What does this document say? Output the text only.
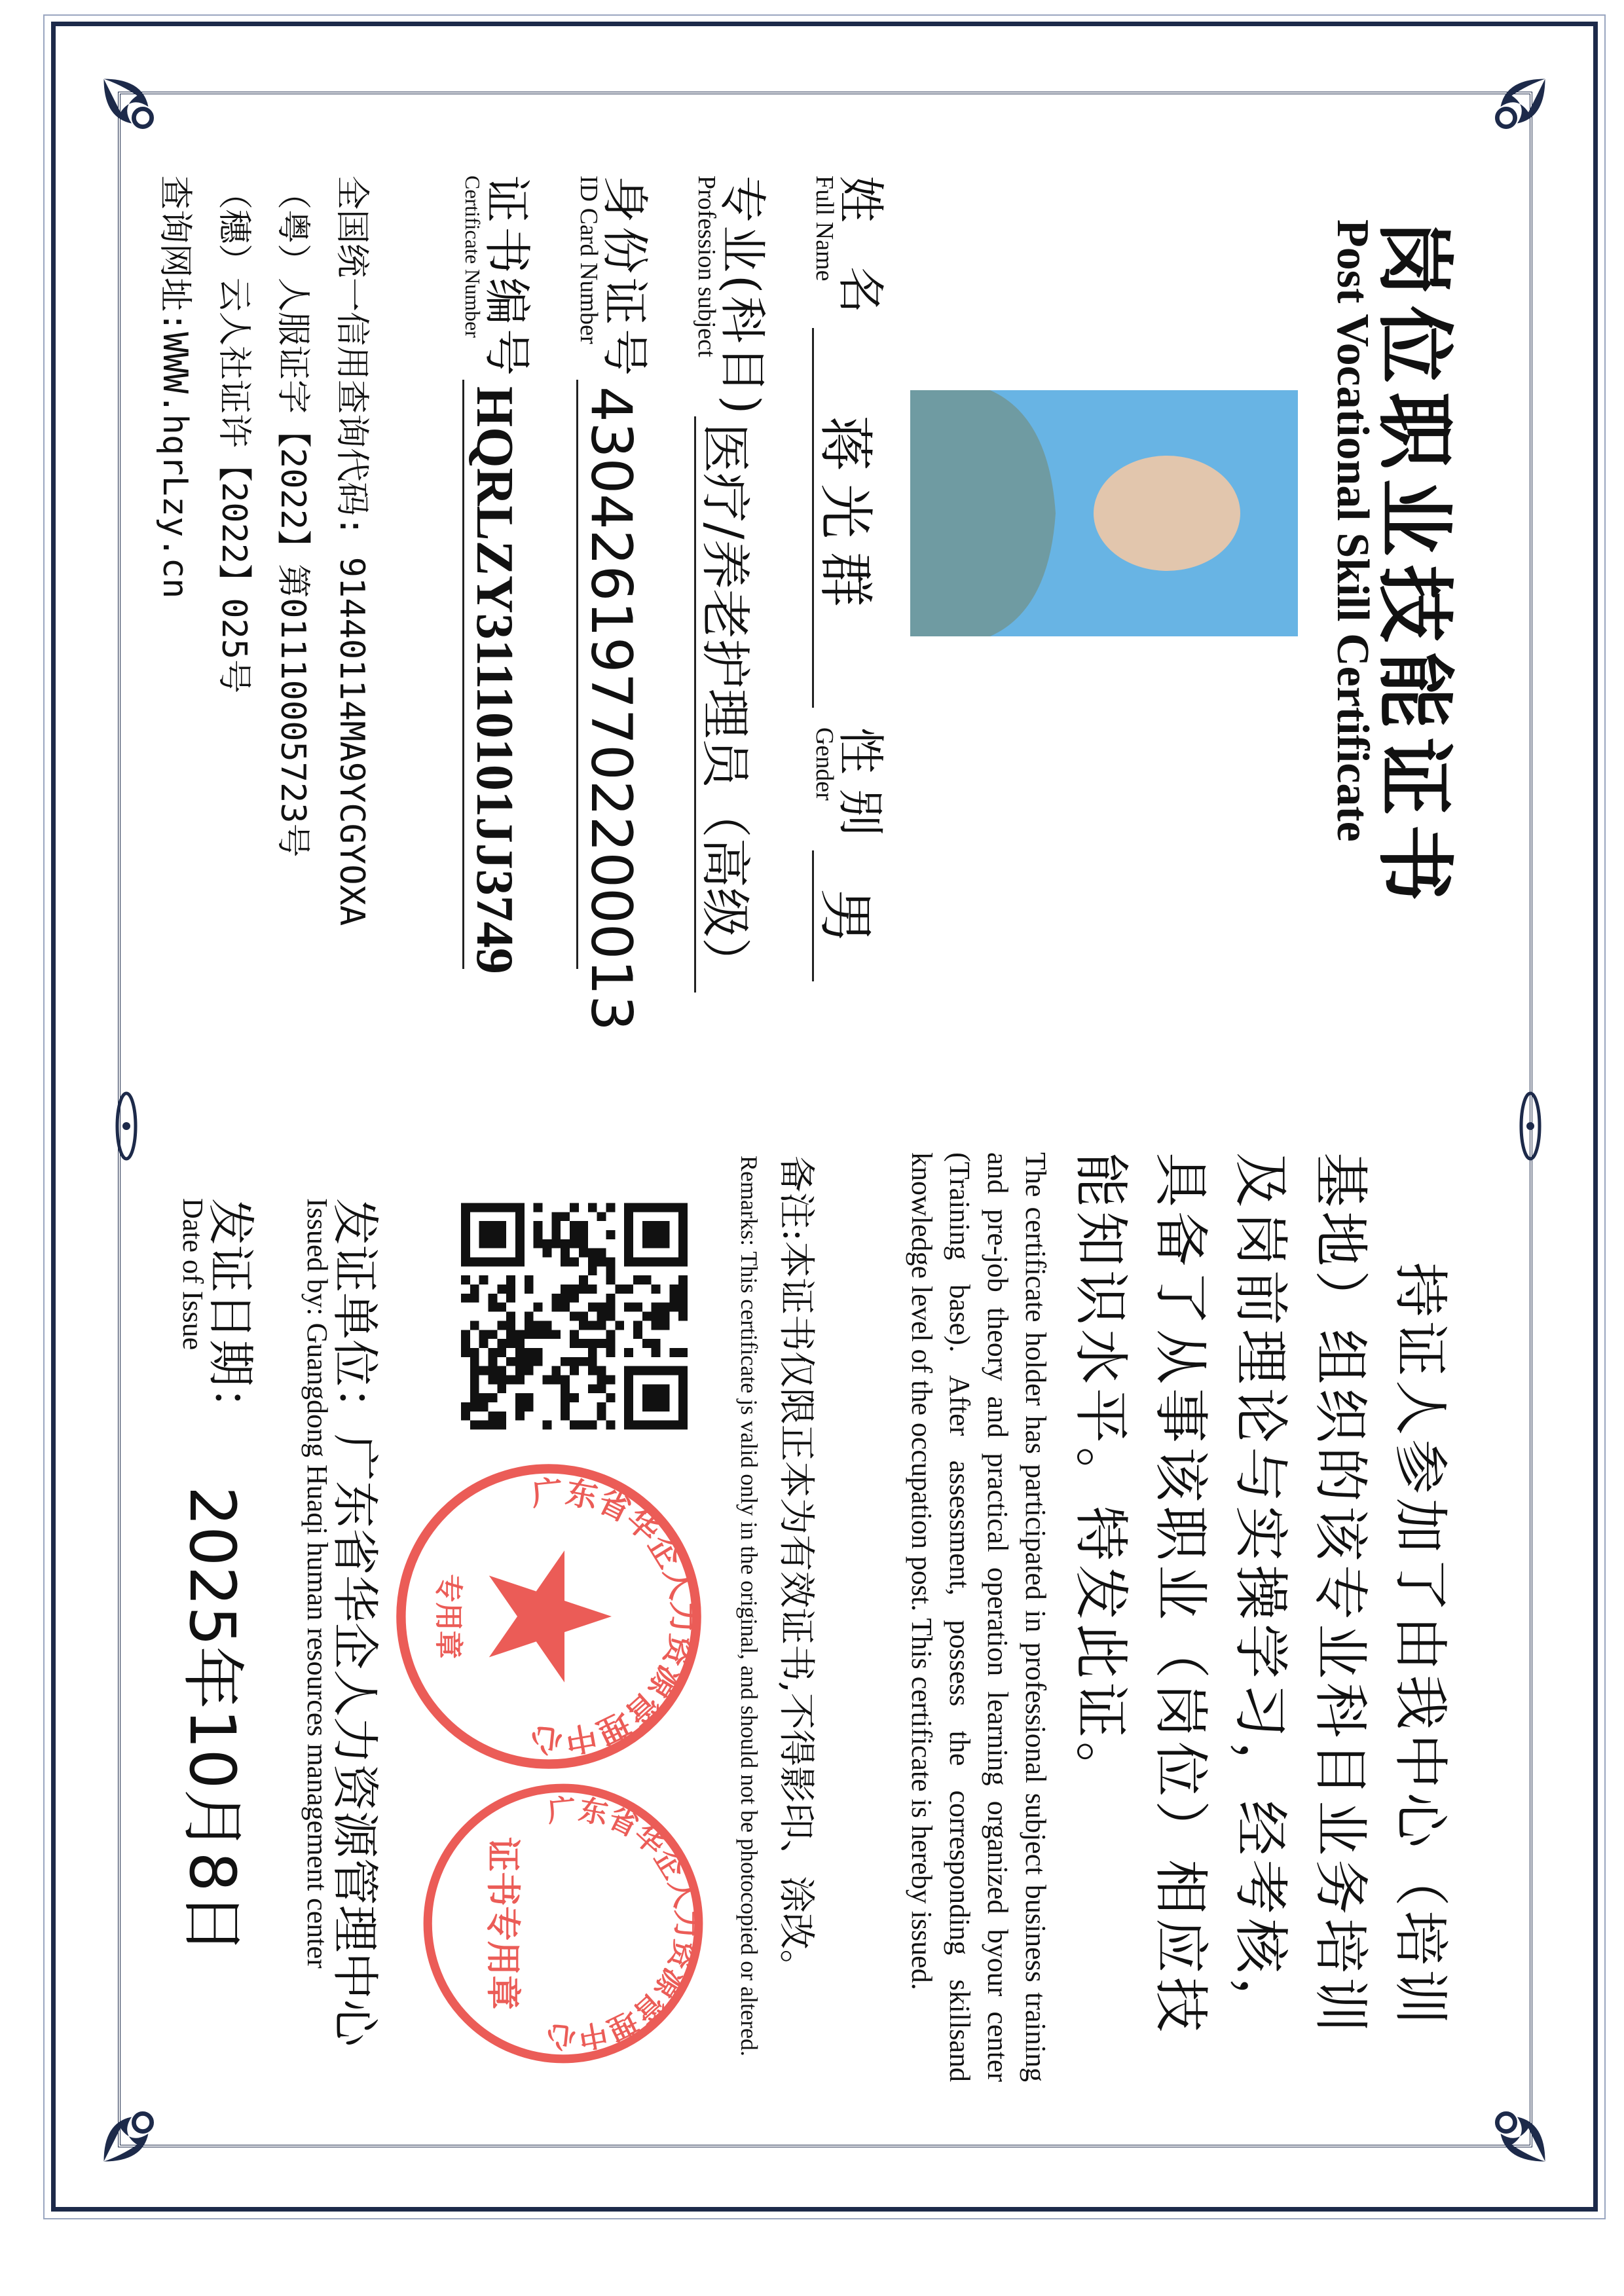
岗位职业技能证书
Post Vocational Skill Certificate
姓 名
Full Name
蒋光群
性别
Gender
男
专业(科目)
Profession subject
医疗/养老护理员（高级）
身份证号
ID Card Number
430426197702200013
证书编号
Certificate Number
HQRLZY31110101JJ3749
全国统一信用查询代码: 91440114MA9YCGYOXA
（粤）人服证字【2022】第01110005723号
（穗）云人社证许【2022】025号
查询网址:WWW.hqrLzy.cn
持证人参加了由我中心（培训基地）组织的该专业科目业务培训及岗前理论与实操学习，经考核，具备了从事该职业（岗位）相应技能知识水平。特发此证。
The certificate holder has participated in professional subject business training and pre-job theory and practical operation learning organized byour center (Training base). After assessment, possess the corresponding skillsand knowledge level of the occupation post. This certificate is hereby issued.
备注:本证书仅限正本为有效证书,不得影印、涂改。
Remarks: This certificate js valid only in the original, and should not be photocopied or altered.
发证单位：广东省华企人力资源管理中心
Issued by: Guangdong Huaqi human resources management center
发证日期：
Date of Issue
2025年10月8日	专用章
广东省华企人力资源管理中心
证书专用章
广东省华企人力资源管理中心
